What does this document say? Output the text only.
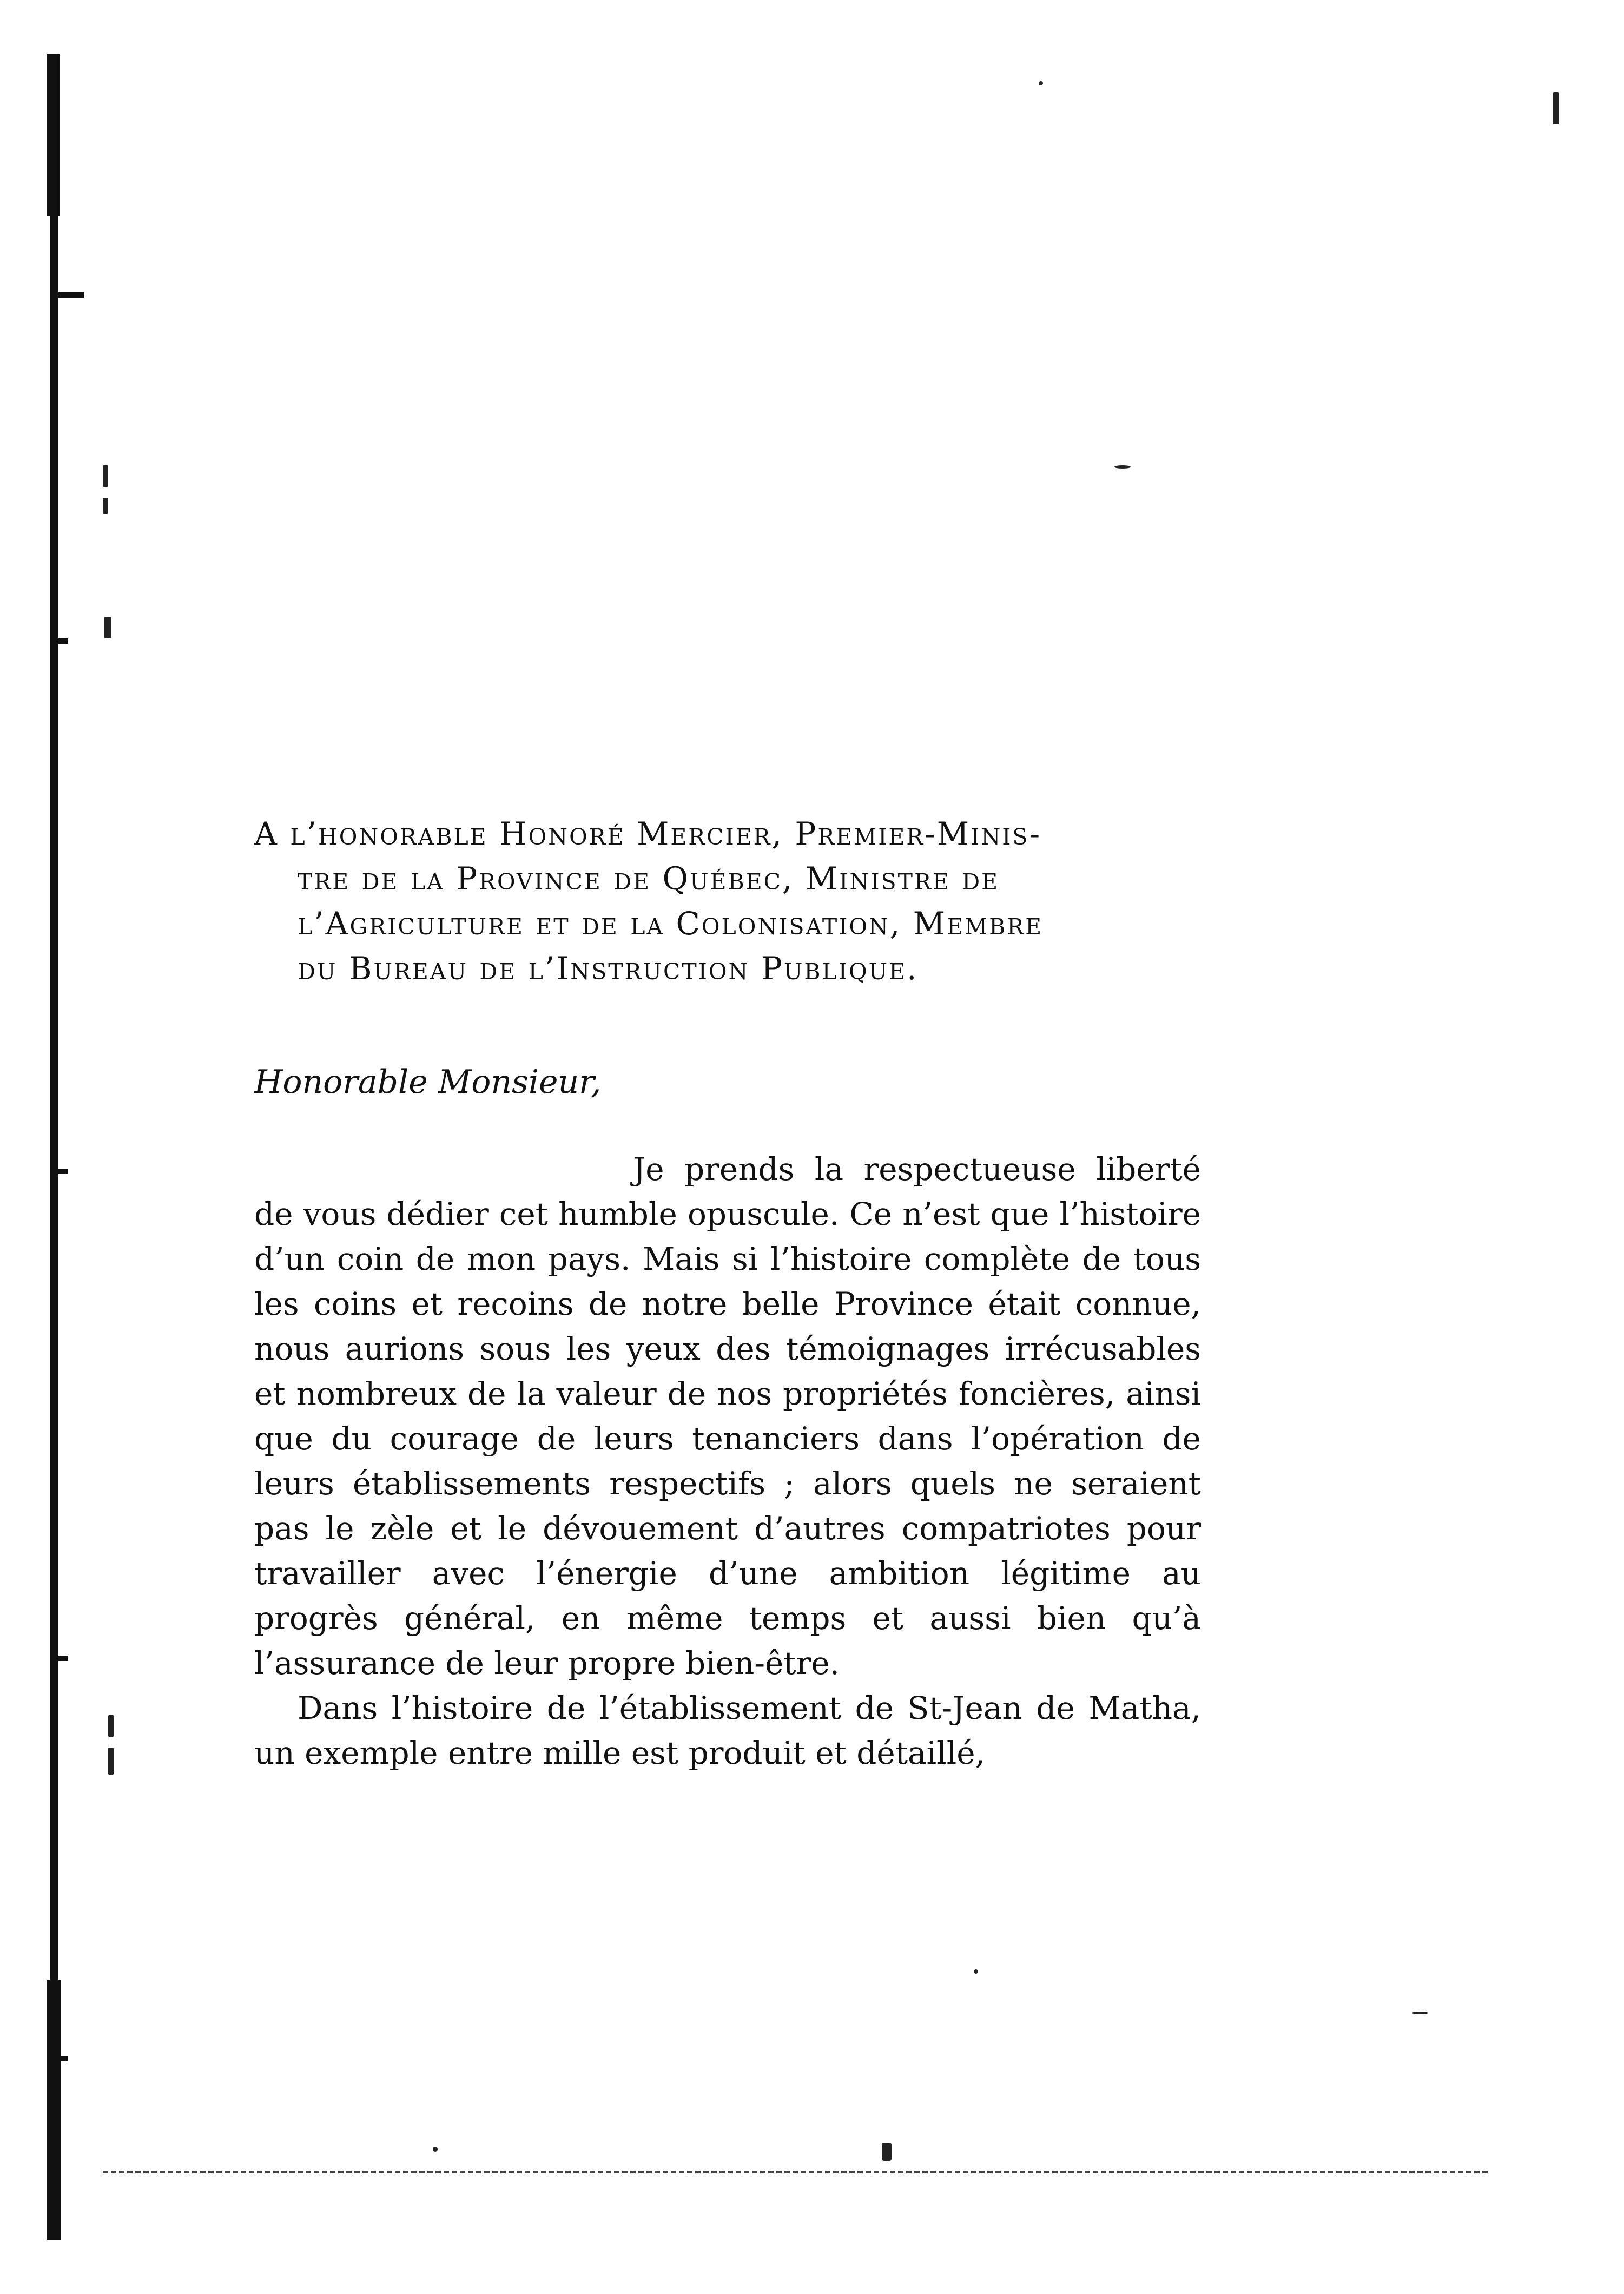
A l’honorable Honoré Mercier, Premier-Minis-
tre de la Province de Québec, Ministre de
l’Agriculture et de la Colonisation, Membre
du Bureau de l’Instruction Publique.
Honorable Monsieur,

Je prends la respectueuse liberté de vous dédier cet humble opuscule. Ce n’est que l’histoire d’un coin de mon pays. Mais si l’histoire complète de tous les coins et recoins de notre belle Province était connue, nous aurions sous les yeux des témoignages irrécusables et nombreux de la valeur de nos propriétés foncières, ainsi que du courage de leurs tenanciers dans l’opération de leurs établissements respectifs ; alors quels ne seraient pas le zèle et le dévouement d’autres compatriotes pour travailler avec l’énergie d’une ambition légitime au progrès général, en même temps et aussi bien qu’à l’assurance de leur propre bien-être.

Dans l’histoire de l’établissement de St-Jean de Matha, un exemple entre mille est produit et détaillé,
